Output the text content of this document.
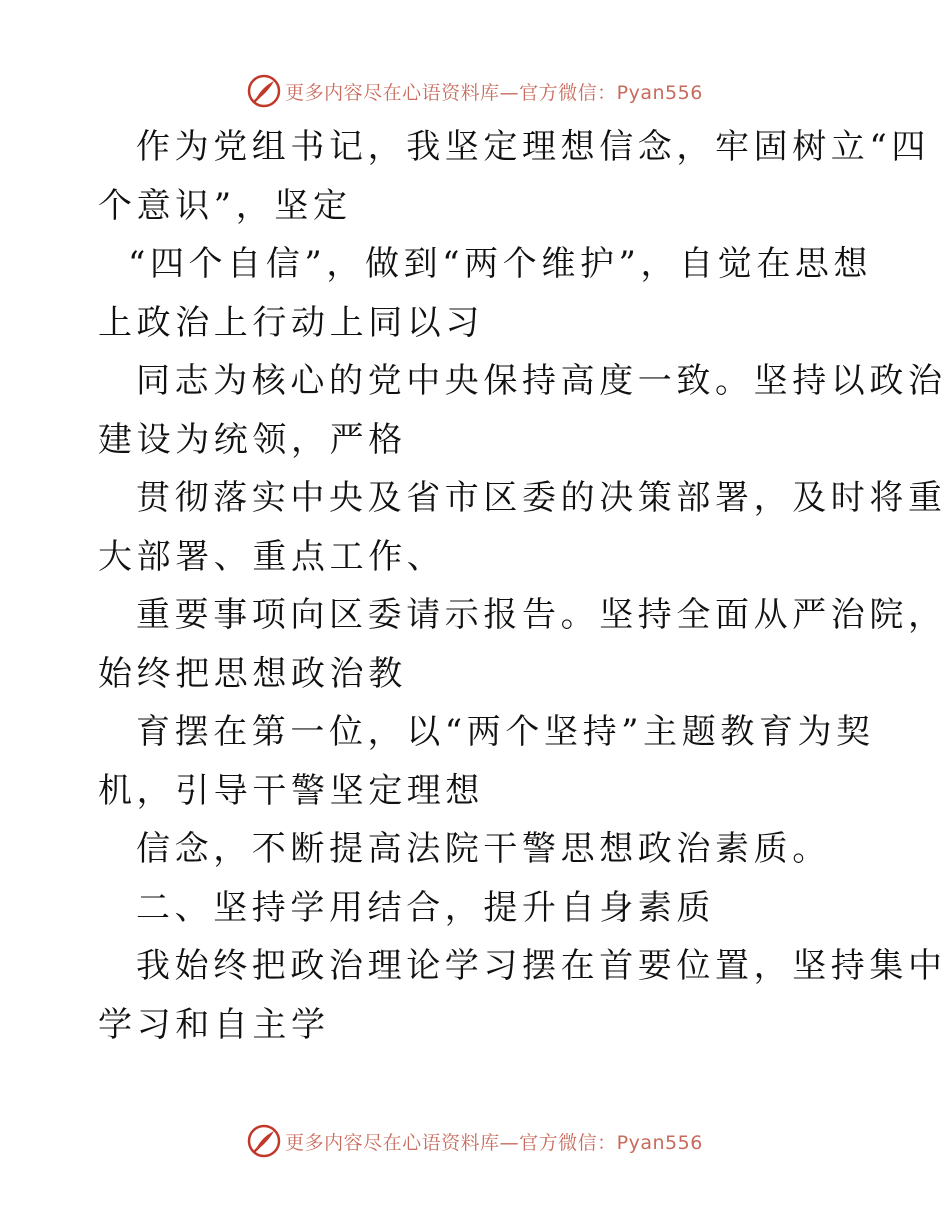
更多内容尽在心语资料库—官方微信：Pyan556
作为党组书记，我坚定理想信念，牢固树立“四
个意识”，坚定
“四个自信”，做到“两个维护”，自觉在思想
上政治上行动上同以习
同志为核心的党中央保持高度一致。坚持以政治
建设为统领，严格
贯彻落实中央及省市区委的决策部署，及时将重
大部署、重点工作、
重要事项向区委请示报告。坚持全面从严治院，
始终把思想政治教
育摆在第一位，以“两个坚持”主题教育为契
机，引导干警坚定理想
信念，不断提高法院干警思想政治素质。
二、坚持学用结合，提升自身素质
我始终把政治理论学习摆在首要位置，坚持集中
学习和自主学
更多内容尽在心语资料库—官方微信：Pyan556
